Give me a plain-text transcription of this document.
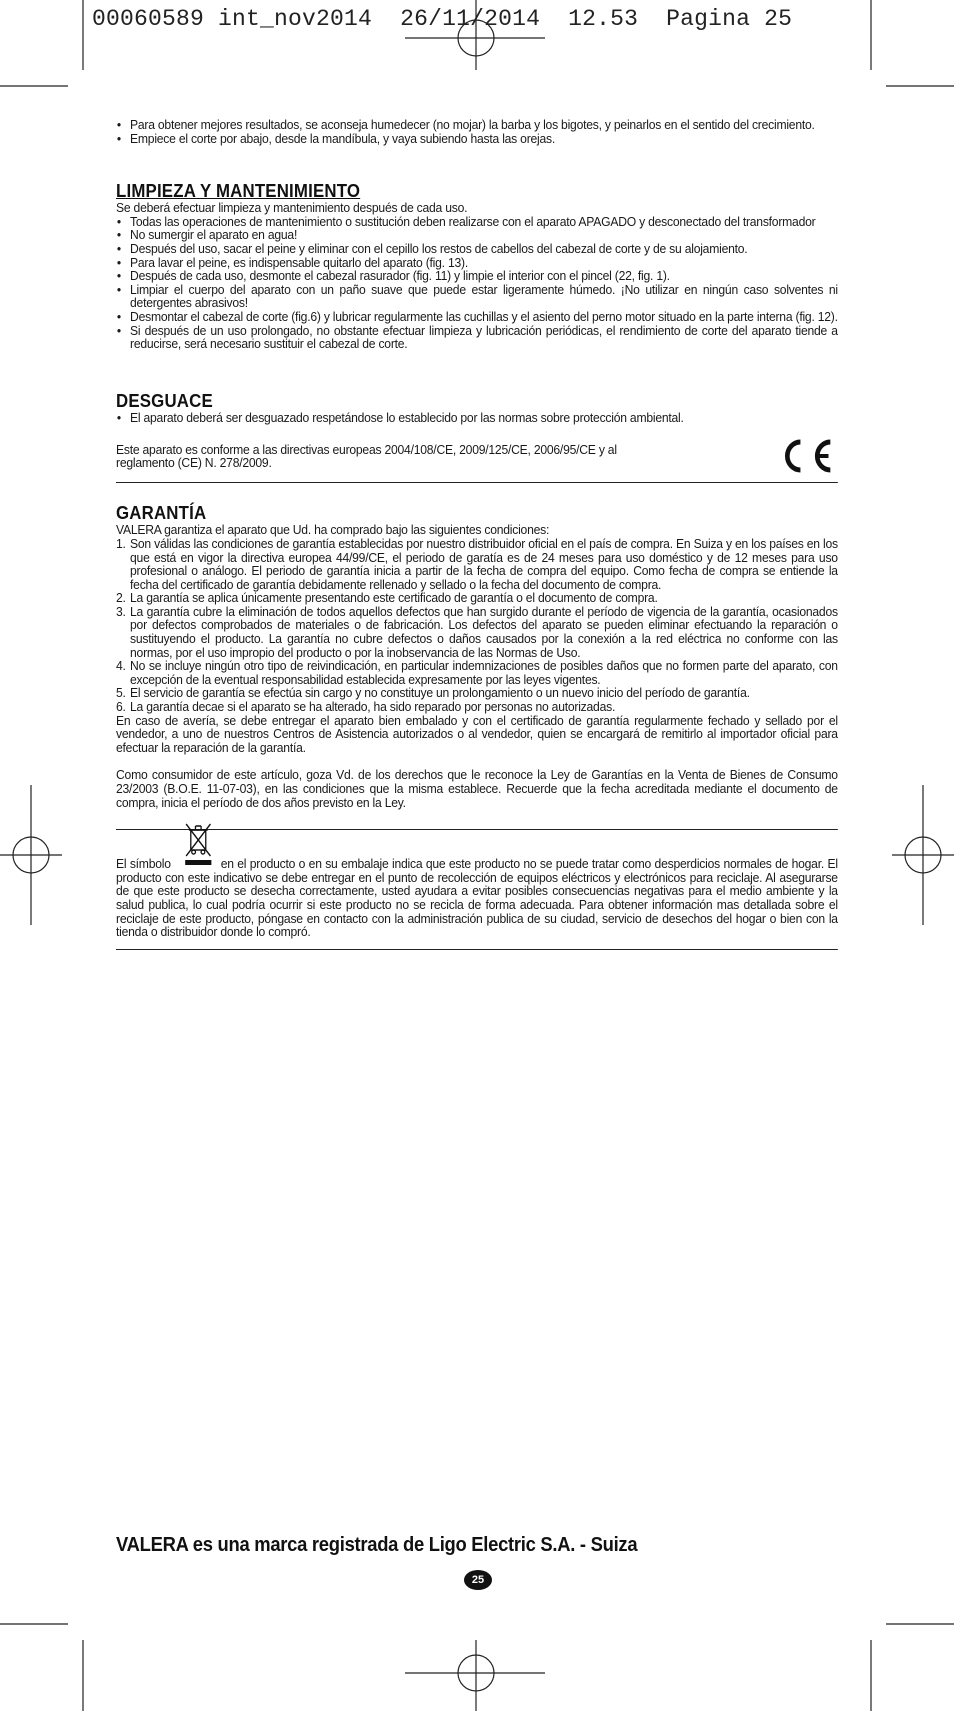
00060589 int_nov2014 26/11/2014 12.53 Pagina 25
• Para obtener mejores resultados, se aconseja humedecer (no mojar) la barba y los bigotes, y peinarlos en el sentido del crecimiento.
• Empiece el corte por abajo, desde la mandíbula, y vaya subiendo hasta las orejas.
LIMPIEZA Y MANTENIMIENTO

Se deberá efectuar limpieza y mantenimiento después de cada uso.

• Todas las operaciones de mantenimiento o sustitución deben realizarse con el aparato APAGADO y desconectado del transformador
• No sumergir el aparato en agua!
• Después del uso, sacar el peine y eliminar con el cepillo los restos de cabellos del cabezal de corte y de su alojamiento.
• Para lavar el peine, es indispensable quitarlo del aparato (fig. 13).
• Después de cada uso, desmonte el cabezal rasurador (fig. 11) y limpie el interior con el pincel (22, fig. 1).
• Limpiar el cuerpo del aparato con un paño suave que puede estar ligeramente húmedo. ¡No utilizar en ningún caso solventes ni detergentes abrasivos!
• Desmontar el cabezal de corte (fig.6) y lubricar regularmente las cuchillas y el asiento del perno motor situado en la parte interna (fig. 12).
• Si después de un uso prolongado, no obstante efectuar limpieza y lubricación periódicas, el rendimiento de corte del aparato tiende a reducirse, será necesario sustituir el cabezal de corte.
DESGUACE
• El aparato deberá ser desguazado respetándose lo establecido por las normas sobre protección ambiental.

Este aparato es conforme a las directivas europeas 2004/108/CE, 2009/125/CE, 2006/95/CE y al reglamento (CE) N. 278/2009.

GARANTÍA

VALERA garantiza el aparato que Ud. ha comprado bajo las siguientes condiciones:

1. Son válidas las condiciones de garantía establecidas por nuestro distribuidor oficial en el país de compra. En Suiza y en los países en los que está en vigor la directiva europea 44/99/CE, el periodo de garatía es de 24 meses para uso doméstico y de 12 meses para uso profesional o análogo. El periodo de garantía inicia a partir de la fecha de compra del equipo. Como fecha de compra se entiende la fecha del certificado de garantía debidamente rellenado y sellado o la fecha del documento de compra.
2. La garantía se aplica únicamente presentando este certificado de garantía o el documento de compra.
3. La garantía cubre la eliminación de todos aquellos defectos que han surgido durante el período de vigencia de la garantía, ocasionados por defectos comprobados de materiales o de fabricación. Los defectos del aparato se pueden eliminar efectuando la reparación o sustituyendo el producto. La garantía no cubre defectos o daños causados por la conexión a la red eléctrica no conforme con las normas, por el uso impropio del producto o por la inobservancia de las Normas de Uso.
4. No se incluye ningún otro tipo de reivindicación, en particular indemnizaciones de posibles daños que no formen parte del aparato, con excepción de la eventual responsabilidad establecida expresamente por las leyes vigentes.
5. El servicio de garantía se efectúa sin cargo y no constituye un prolongamiento o un nuevo inicio del período de garantía.
6. La garantía decae si el aparato se ha alterado, ha sido reparado por personas no autorizadas.

En caso de avería, se debe entregar el aparato bien embalado y con el certificado de garantía regularmente fechado y sellado por el vendedor, a uno de nuestros Centros de Asistencia autorizados o al vendedor, quien se encargará de remitirlo al importador oficial para efectuar la reparación de la garantía.

Como consumidor de este artículo, goza Vd. de los derechos que le reconoce la Ley de Garantías en la Venta de Bienes de Consumo 23/2003 (B.O.E. 11-07-03), en las condiciones que la misma establece. Recuerde que la fecha acreditada mediante el documento de compra, inicia el período de dos años previsto en la Ley.

El símbolo	en el producto o en su embalaje indica que este producto no se puede tratar como desperdicios normales de hogar. El producto con este indicativo se debe entregar en el punto de recolección de equipos eléctricos y electrónicos para reciclaje. Al asegurarse de que este producto se desecha correctamente, usted ayudara a evitar posibles consecuencias negativas para el medio ambiente y la salud publica, lo cual podría ocurrir si este producto no se recicla de forma adecuada. Para obtener información mas detallada sobre el reciclaje de este producto, póngase en contacto con la administración publica de su ciudad, servicio de desechos del hogar o bien con la tienda o distribuidor donde lo compró.

VALERA es una marca registrada de Ligo Electric S.A. - Suiza
25
